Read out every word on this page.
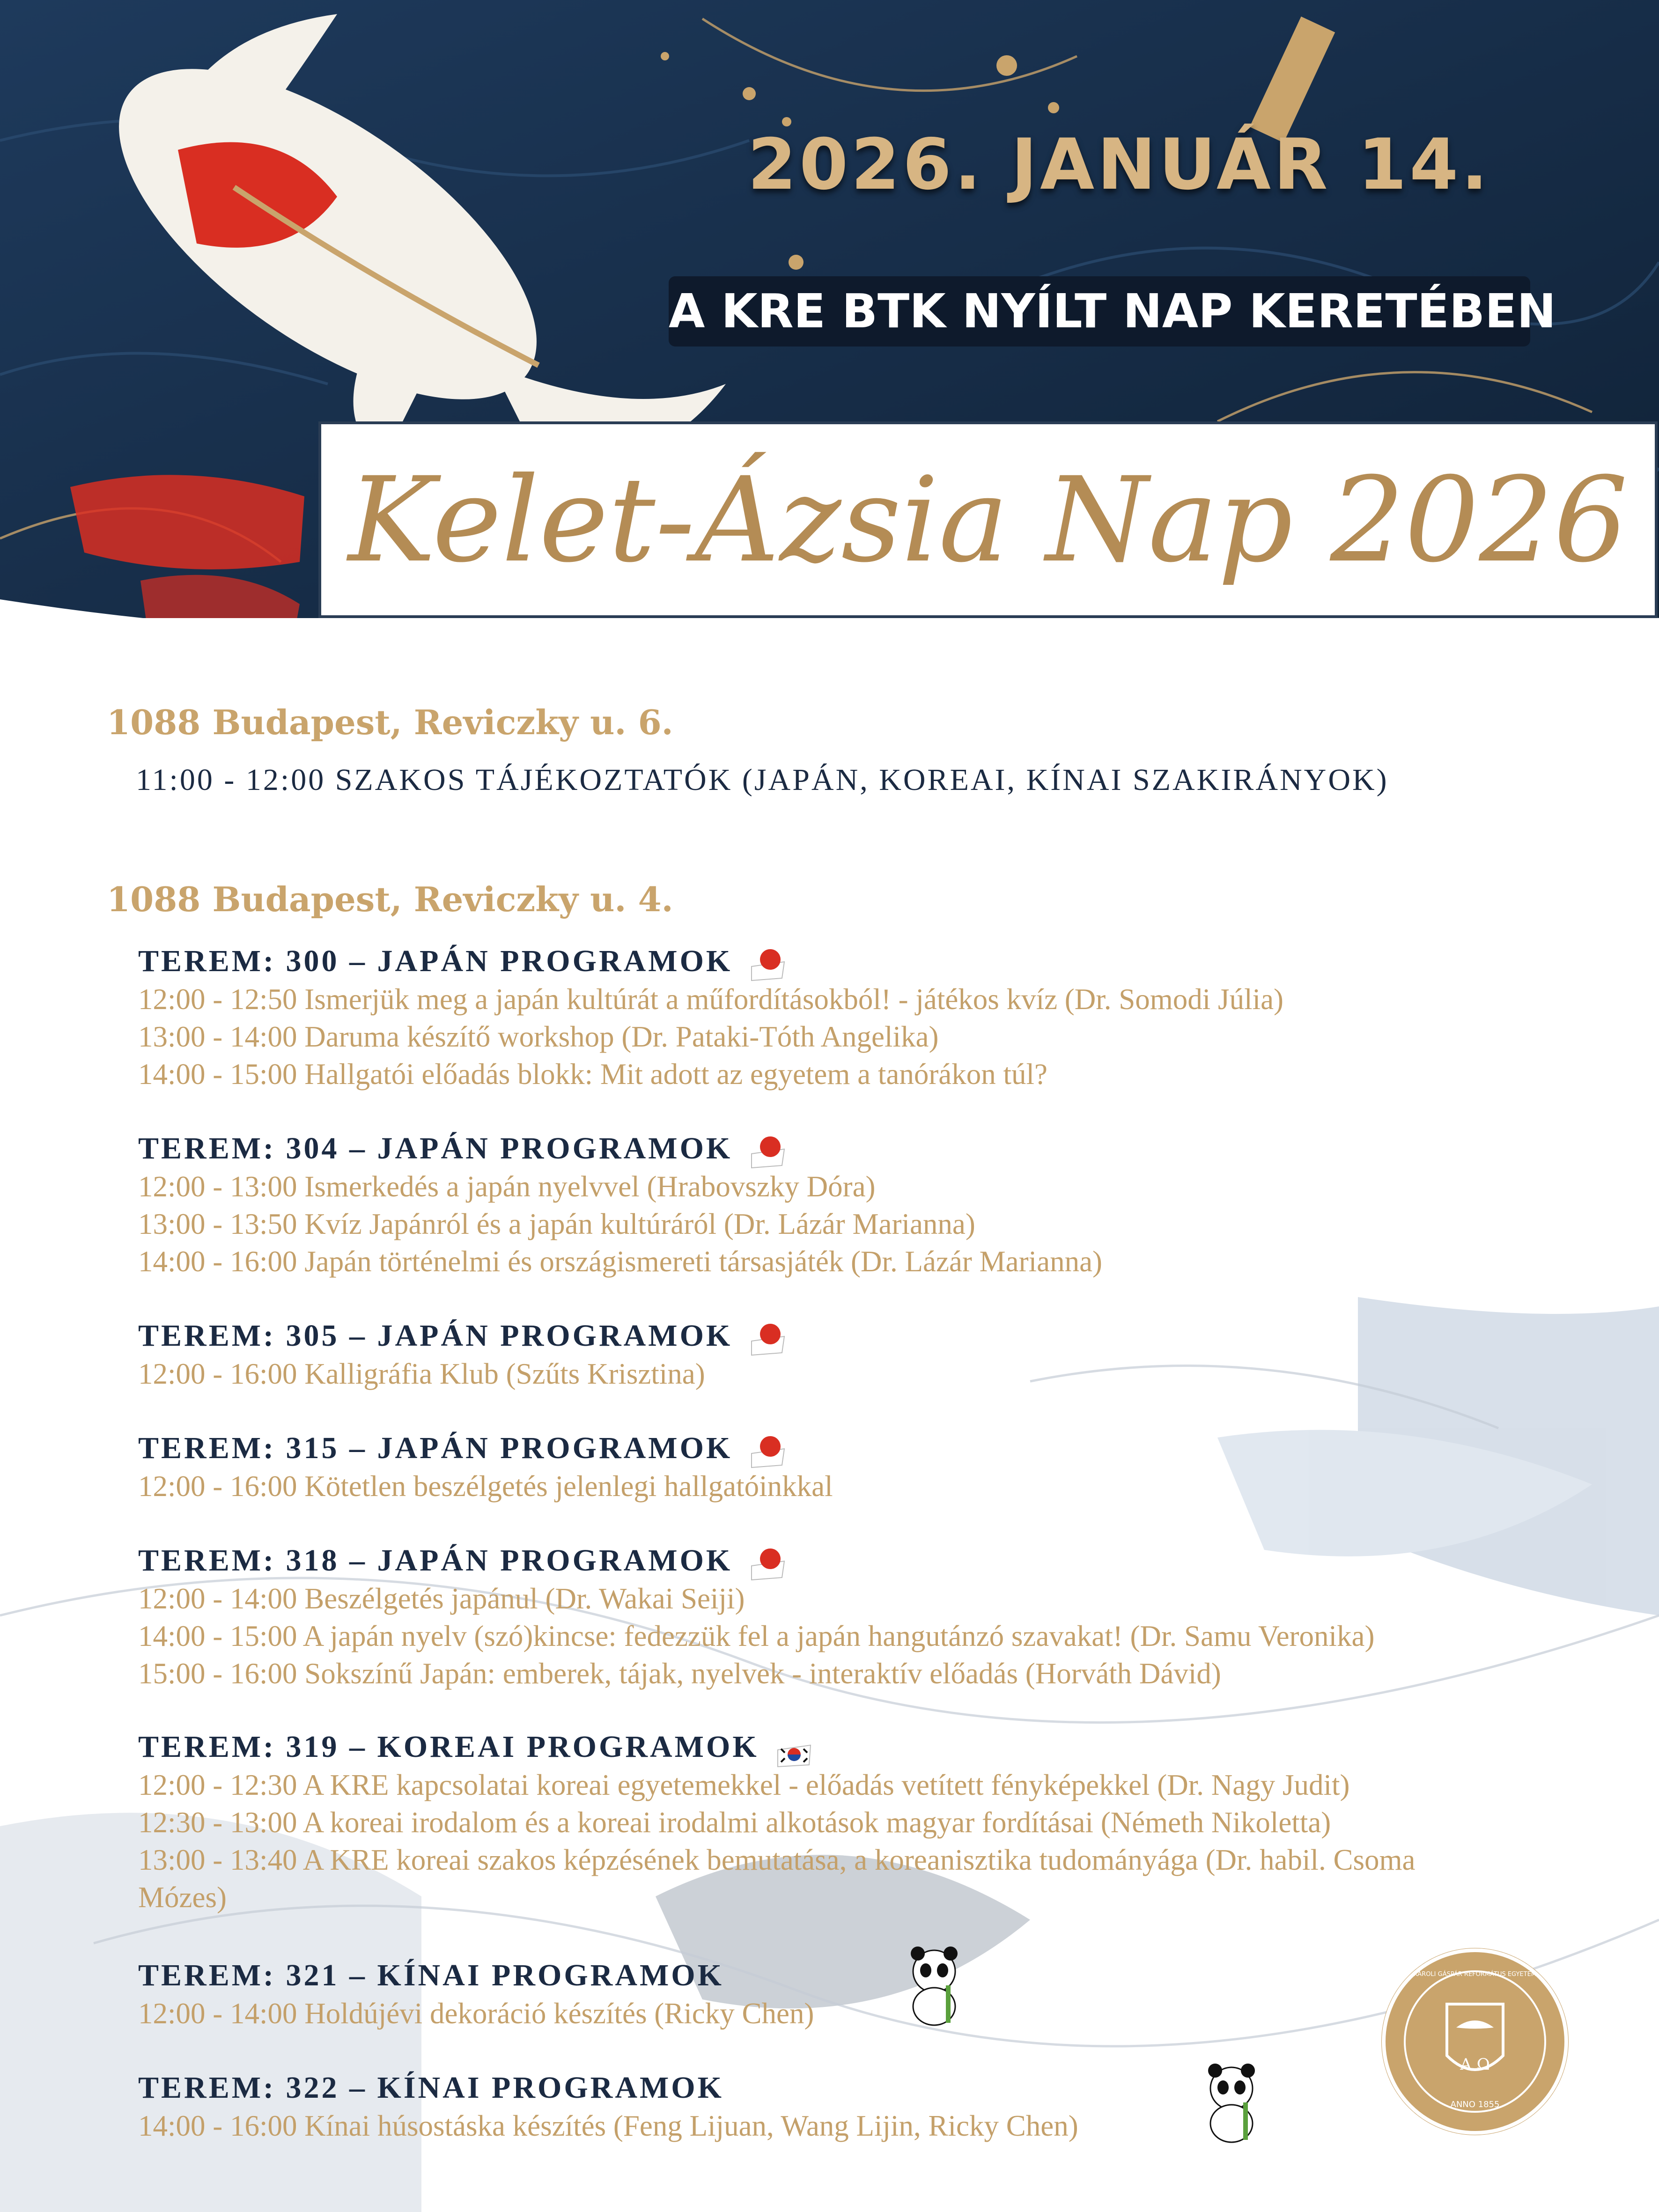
2026. JANUÁR 14.
A KRE BTK NYÍLT NAP KERETÉBEN
Kelet-Ázsia Nap 2026
1088 Budapest, Reviczky u. 6.
11:00 - 12:00 SZAKOS TÁJÉKOZTATÓK (JAPÁN, KOREAI, KÍNAI SZAKIRÁNYOK)
1088 Budapest, Reviczky u. 4.
TEREM: 300 – JAPÁN PROGRAMOK
12:00 - 12:50 Ismerjük meg a japán kultúrát a műfordításokból! - játékos kvíz (Dr. Somodi Júlia)
13:00 - 14:00 Daruma készítő workshop (Dr. Pataki-Tóth Angelika)
14:00 - 15:00 Hallgatói előadás blokk: Mit adott az egyetem a tanórákon túl?
TEREM: 304 – JAPÁN PROGRAMOK
12:00 - 13:00 Ismerkedés a japán nyelvvel (Hrabovszky Dóra)
13:00 - 13:50 Kvíz Japánról és a japán kultúráról (Dr. Lázár Marianna)
14:00 - 16:00 Japán történelmi és országismereti társasjáték (Dr. Lázár Marianna)
TEREM: 305 – JAPÁN PROGRAMOK
12:00 - 16:00 Kalligráfia Klub (Szűts Krisztina)
TEREM: 315 – JAPÁN PROGRAMOK
12:00 - 16:00 Kötetlen beszélgetés jelenlegi hallgatóinkkal
TEREM: 318 – JAPÁN PROGRAMOK
12:00 - 14:00 Beszélgetés japánul (Dr. Wakai Seiji)
14:00 - 15:00 A japán nyelv (szó)kincse: fedezzük fel a japán hangutánzó szavakat! (Dr. Samu Veronika)
15:00 - 16:00 Sokszínű Japán: emberek, tájak, nyelvek - interaktív előadás (Horváth Dávid)
TEREM: 319 – KOREAI PROGRAMOK
12:00 - 12:30 A KRE kapcsolatai koreai egyetemekkel - előadás vetített fényképekkel (Dr. Nagy Judit)
12:30 - 13:00 A koreai irodalom és a koreai irodalmi alkotások magyar fordításai (Németh Nikoletta)
13:00 - 13:40 A KRE koreai szakos képzésének bemutatása, a koreanisztika tudományága (Dr. habil. Csoma Mózes)
TEREM: 321 – KÍNAI PROGRAMOK
12:00 - 14:00 Holdújévi dekoráció készítés (Ricky Chen)
TEREM: 322 – KÍNAI PROGRAMOK
14:00 - 16:00 Kínai húsostáska készítés (Feng Lijuan, Wang Lijin, Ricky Chen)
Α Ω
ANNO 1855
KÁROLI GÁSPÁR REFORMÁTUS EGYETEM
